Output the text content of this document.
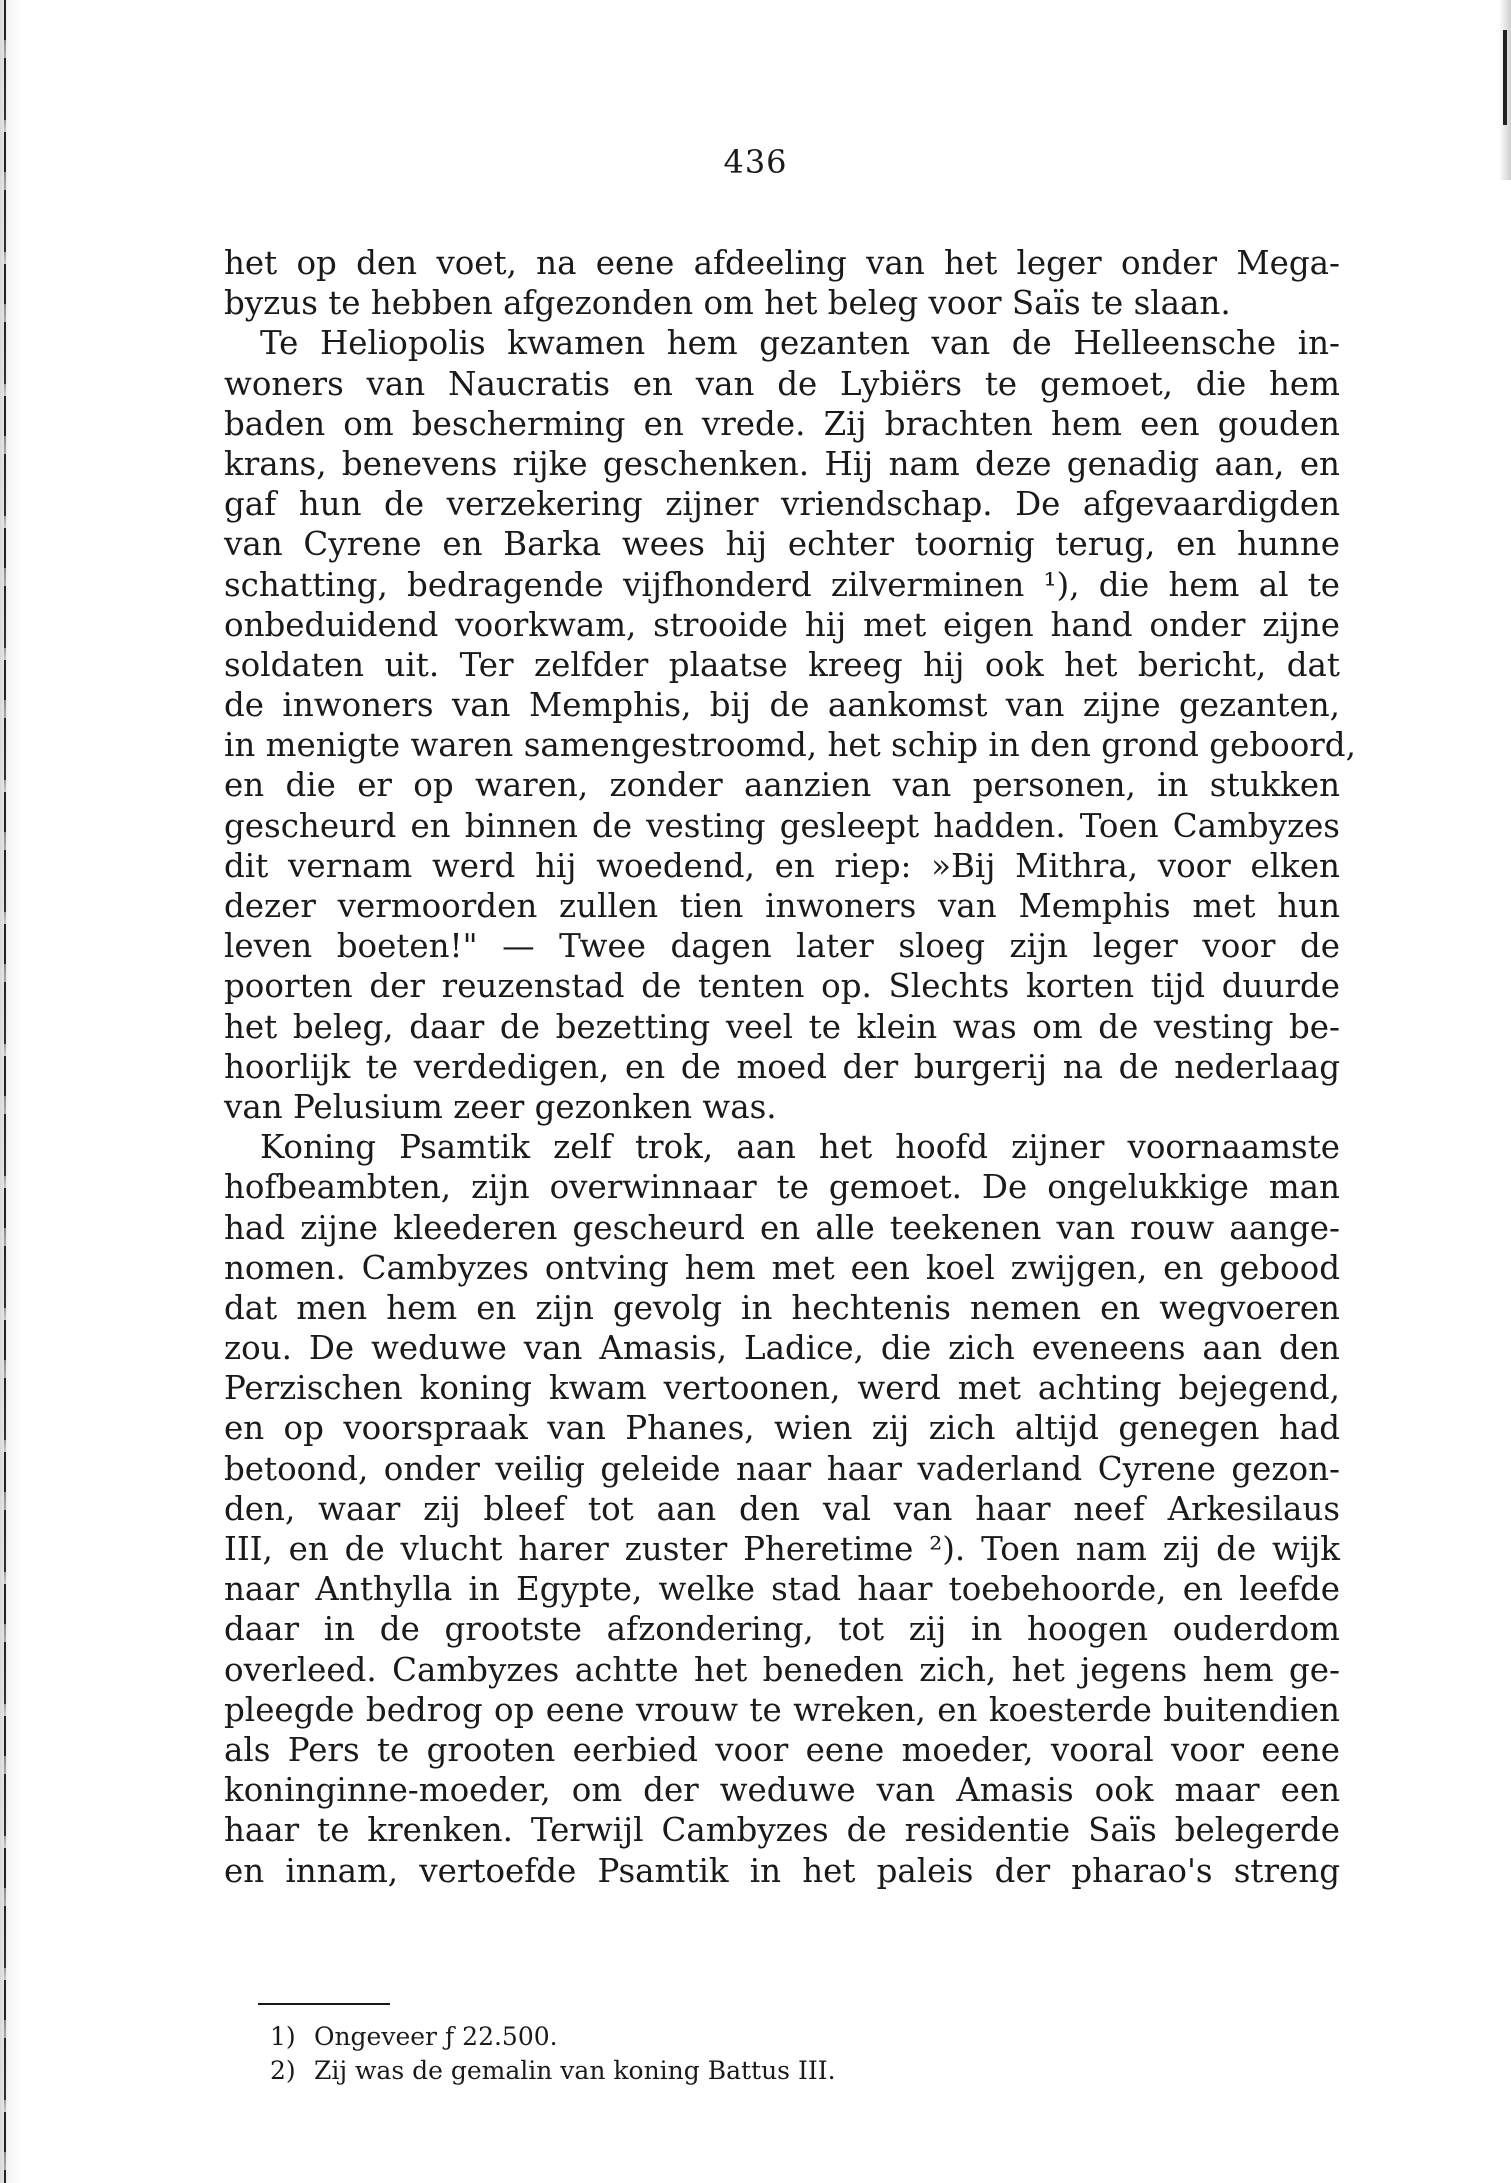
436
het op den voet, na eene afdeeling van het leger onder Mega-
byzus te hebben afgezonden om het beleg voor Saïs te slaan.
Te Heliopolis kwamen hem gezanten van de Helleensche in-
woners van Naucratis en van de Lybiërs te gemoet, die hem
baden om bescherming en vrede. Zij brachten hem een gouden
krans, benevens rijke geschenken. Hij nam deze genadig aan, en
gaf hun de verzekering zijner vriendschap. De afgevaardigden
van Cyrene en Barka wees hij echter toornig terug, en hunne
schatting, bedragende vijfhonderd zilverminen ¹), die hem al te
onbeduidend voorkwam, strooide hij met eigen hand onder zijne
soldaten uit. Ter zelfder plaatse kreeg hij ook het bericht, dat
de inwoners van Memphis, bij de aankomst van zijne gezanten,
in menigte waren samengestroomd, het schip in den grond geboord,
en die er op waren, zonder aanzien van personen, in stukken
gescheurd en binnen de vesting gesleept hadden. Toen Cambyzes
dit vernam werd hij woedend, en riep: »Bij Mithra, voor elken
dezer vermoorden zullen tien inwoners van Memphis met hun
leven boeten!" — Twee dagen later sloeg zijn leger voor de
poorten der reuzenstad de tenten op. Slechts korten tijd duurde
het beleg, daar de bezetting veel te klein was om de vesting be-
hoorlijk te verdedigen, en de moed der burgerij na de nederlaag
van Pelusium zeer gezonken was.
Koning Psamtik zelf trok, aan het hoofd zijner voornaamste
hofbeambten, zijn overwinnaar te gemoet. De ongelukkige man
had zijne kleederen gescheurd en alle teekenen van rouw aange-
nomen. Cambyzes ontving hem met een koel zwijgen, en gebood
dat men hem en zijn gevolg in hechtenis nemen en wegvoeren
zou. De weduwe van Amasis, Ladice, die zich eveneens aan den
Perzischen koning kwam vertoonen, werd met achting bejegend,
en op voorspraak van Phanes, wien zij zich altijd genegen had
betoond, onder veilig geleide naar haar vaderland Cyrene gezon-
den, waar zij bleef tot aan den val van haar neef Arkesilaus
III, en de vlucht harer zuster Pheretime ²). Toen nam zij de wijk
naar Anthylla in Egypte, welke stad haar toebehoorde, en leefde
daar in de grootste afzondering, tot zij in hoogen ouderdom
overleed. Cambyzes achtte het beneden zich, het jegens hem ge-
pleegde bedrog op eene vrouw te wreken, en koesterde buitendien
als Pers te grooten eerbied voor eene moeder, vooral voor eene
koninginne-moeder, om der weduwe van Amasis ook maar een
haar te krenken. Terwijl Cambyzes de residentie Saïs belegerde
en innam, vertoefde Psamtik in het paleis der pharao's streng
1) Ongeveer ƒ 22.500.
2) Zij was de gemalin van koning Battus III.
